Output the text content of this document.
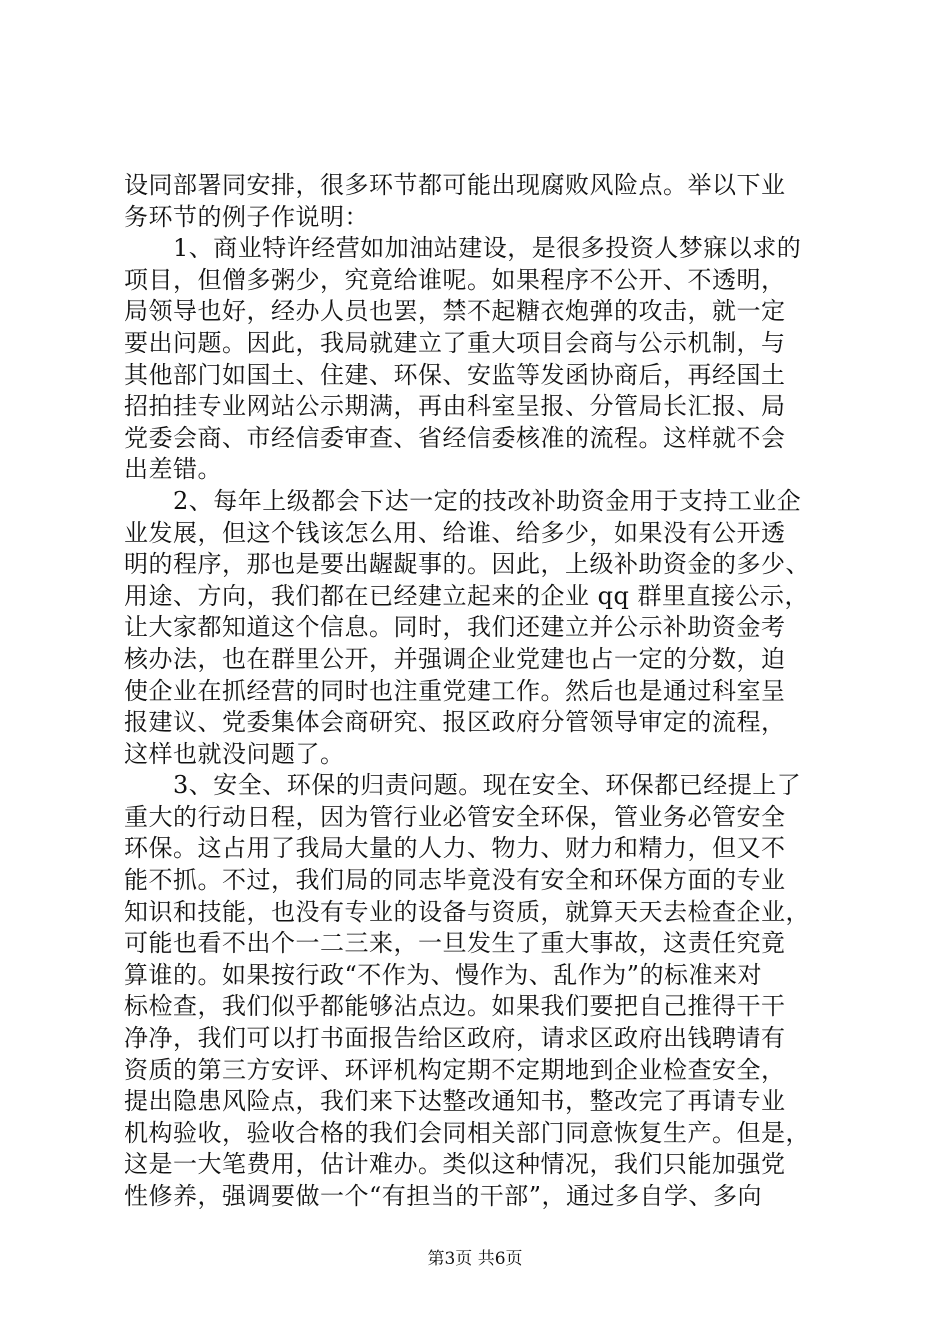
设同部署同安排，很多环节都可能出现腐败风险点。举以下业
务环节的例子作说明：
　　1、商业特许经营如加油站建设，是很多投资人梦寐以求的
项目，但僧多粥少，究竟给谁呢。如果程序不公开、不透明，
局领导也好，经办人员也罢，禁不起糖衣炮弹的攻击，就一定
要出问题。因此，我局就建立了重大项目会商与公示机制，与
其他部门如国土、住建、环保、安监等发函协商后，再经国土
招拍挂专业网站公示期满，再由科室呈报、分管局长汇报、局
党委会商、市经信委审查、省经信委核准的流程。这样就不会
出差错。
　　2、每年上级都会下达一定的技改补助资金用于支持工业企
业发展，但这个钱该怎么用、给谁、给多少，如果没有公开透
明的程序，那也是要出龌龊事的。因此，上级补助资金的多少、
用途、方向，我们都在已经建立起来的企业 qq 群里直接公示，
让大家都知道这个信息。同时，我们还建立并公示补助资金考
核办法，也在群里公开，并强调企业党建也占一定的分数，迫
使企业在抓经营的同时也注重党建工作。然后也是通过科室呈
报建议、党委集体会商研究、报区政府分管领导审定的流程，
这样也就没问题了。
　　3、安全、环保的归责问题。现在安全、环保都已经提上了
重大的行动日程，因为管行业必管安全环保，管业务必管安全
环保。这占用了我局大量的人力、物力、财力和精力，但又不
能不抓。不过，我们局的同志毕竟没有安全和环保方面的专业
知识和技能，也没有专业的设备与资质，就算天天去检查企业，
可能也看不出个一二三来，一旦发生了重大事故，这责任究竟
算谁的。如果按行政“不作为、慢作为、乱作为”的标准来对
标检查，我们似乎都能够沾点边。如果我们要把自己推得干干
净净，我们可以打书面报告给区政府，请求区政府出钱聘请有
资质的第三方安评、环评机构定期不定期地到企业检查安全，
提出隐患风险点，我们来下达整改通知书，整改完了再请专业
机构验收，验收合格的我们会同相关部门同意恢复生产。但是，
这是一大笔费用，估计难办。类似这种情况，我们只能加强党
性修养，强调要做一个“有担当的干部”，通过多自学、多向
第3页 共6页
